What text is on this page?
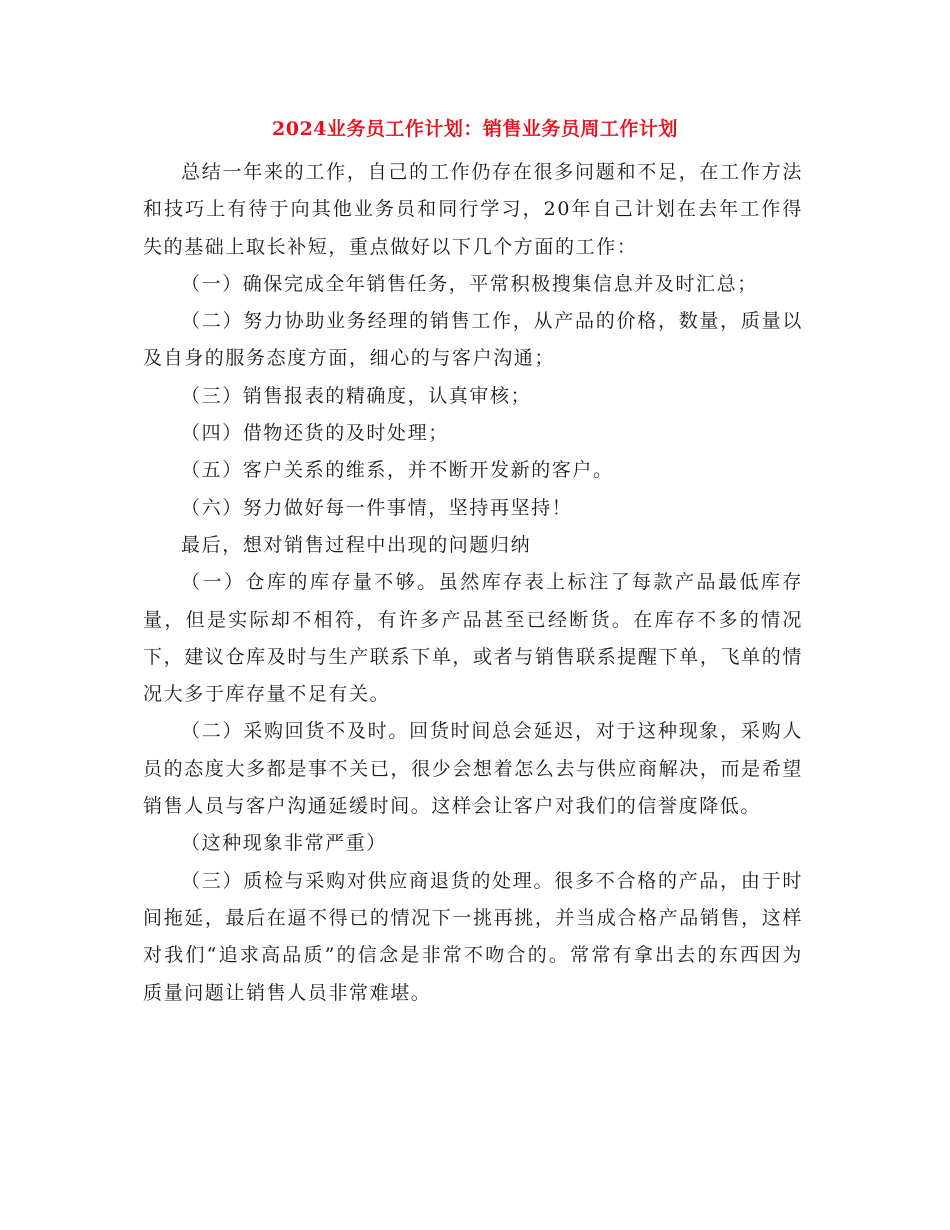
2024业务员工作计划：销售业务员周工作计划

总结一年来的工作，自己的工作仍存在很多问题和不足，在工作方法和技巧上有待于向其他业务员和同行学习，20年自己计划在去年工作得失的基础上取长补短，重点做好以下几个方面的工作：

（一）确保完成全年销售任务，平常积极搜集信息并及时汇总；

（二）努力协助业务经理的销售工作，从产品的价格，数量，质量以及自身的服务态度方面，细心的与客户沟通；

（三）销售报表的精确度，认真审核；

（四）借物还货的及时处理；

（五）客户关系的维系，并不断开发新的客户。

（六）努力做好每一件事情，坚持再坚持！

最后，想对销售过程中出现的问题归纳

（一）仓库的库存量不够。虽然库存表上标注了每款产品最低库存量，但是实际却不相符，有许多产品甚至已经断货。在库存不多的情况下，建议仓库及时与生产联系下单，或者与销售联系提醒下单，飞单的情况大多于库存量不足有关。

（二）采购回货不及时。回货时间总会延迟，对于这种现象，采购人员的态度大多都是事不关已，很少会想着怎么去与供应商解决，而是希望销售人员与客户沟通延缓时间。这样会让客户对我们的信誉度降低。

（这种现象非常严重）

（三）质检与采购对供应商退货的处理。很多不合格的产品，由于时间拖延，最后在逼不得已的情况下一挑再挑，并当成合格产品销售，这样对我们“追求高品质”的信念是非常不吻合的。常常有拿出去的东西因为质量问题让销售人员非常难堪。
